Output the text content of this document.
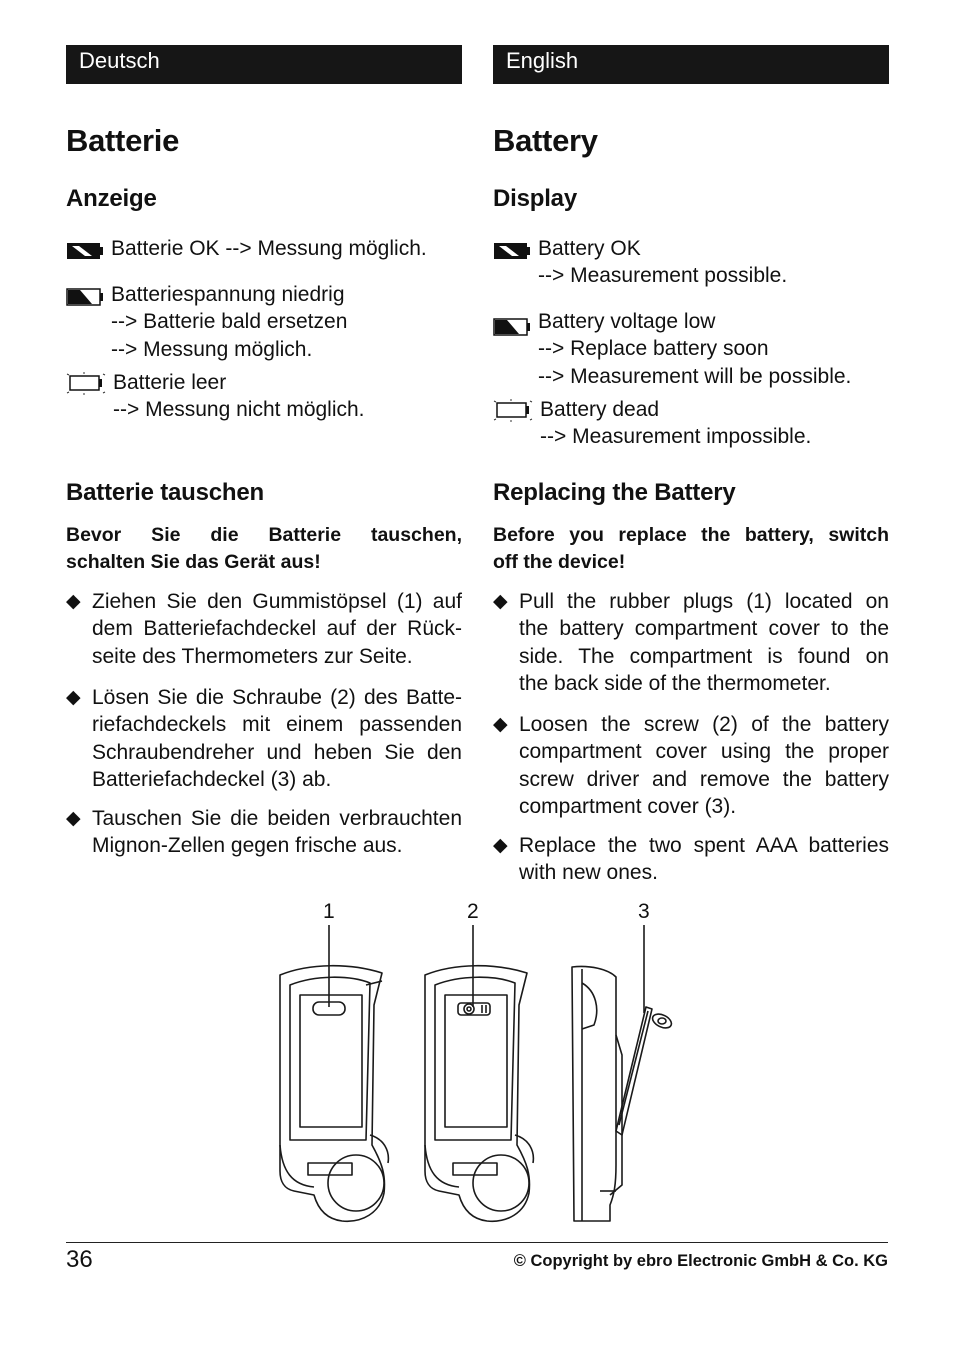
Deutsch
Batterie
Anzeige
Batterie OK --> Messung möglich.
Batteriespannung niedrig
--> Batterie bald ersetzen
--> Messung möglich.
Batterie leer
--> Messung nicht möglich.
Batterie tauschen
Bevor Sie die Batterie tauschen,
schalten Sie das Gerät aus!
◆ Ziehen Sie den Gummistöpsel (1) auf
dem Batteriefachdeckel auf der Rück-
seite des Thermometers zur Seite.
◆ Lösen Sie die Schraube (2) des Batte-
riefachdeckels mit einem passenden
Schraubendreher und heben Sie den
Batteriefachdeckel (3) ab.
◆ Tauschen Sie die beiden verbrauchten
Mignon-Zellen gegen frische aus.
English
Battery
Display
Battery OK
--> Measurement possible.
Battery voltage low
--> Replace battery soon
--> Measurement will be possible.
Battery dead
--> Measurement impossible.
Replacing the Battery
Before you replace the battery, switch
off the device!
◆ Pull the rubber plugs (1) located on
the battery compartment cover to the
side. The compartment is found on
the back side of the thermometer.
◆ Loosen the screw (2) of the battery
compartment cover using the proper
screw driver and remove the battery
compartment cover (3).
◆ Replace the two spent AAA batteries
with new ones.
1	2	3
36	© Copyright by ebro Electronic GmbH & Co. KG
